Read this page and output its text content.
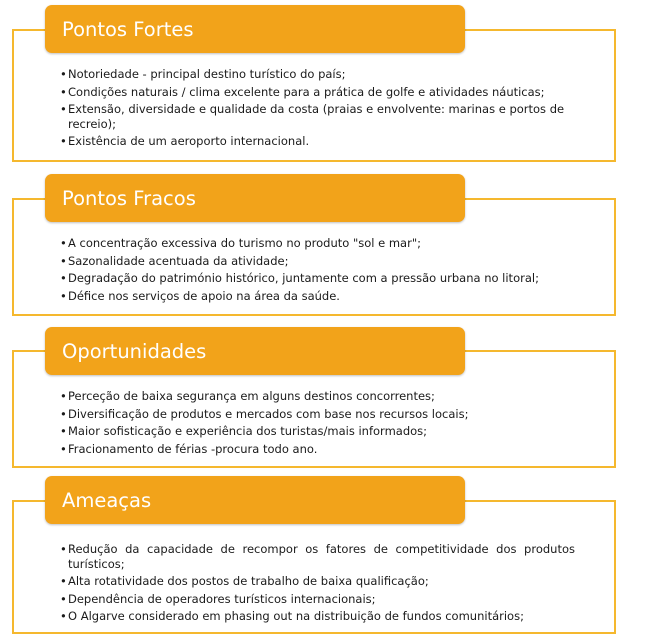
Pontos Fortes
• Notoriedade - principal destino turístico do país;
• Condições naturais / clima excelente para a prática de golfe e atividades náuticas;
• Extensão, diversidade e qualidade da costa (praias e envolvente: marinas e portos de recreio);
• Existência de um aeroporto internacional.
Pontos Fracos
• A concentração excessiva do turismo no produto "sol e mar";
• Sazonalidade acentuada da atividade;
• Degradação do património histórico, juntamente com a pressão urbana no litoral;
• Défice nos serviços de apoio na área da saúde.
Oportunidades
• Perceção de baixa segurança em alguns destinos concorrentes;
• Diversificação de produtos e mercados com base nos recursos locais;
• Maior sofisticação e experiência dos turistas/mais informados;
• Fracionamento de férias -procura todo ano.
Ameaças
• Redução da capacidade de recompor os fatores de competitividade dos produtos turísticos;
• Alta rotatividade dos postos de trabalho de baixa qualificação;
• Dependência de operadores turísticos internacionais;
• O Algarve considerado em phasing out na distribuição de fundos comunitários;
